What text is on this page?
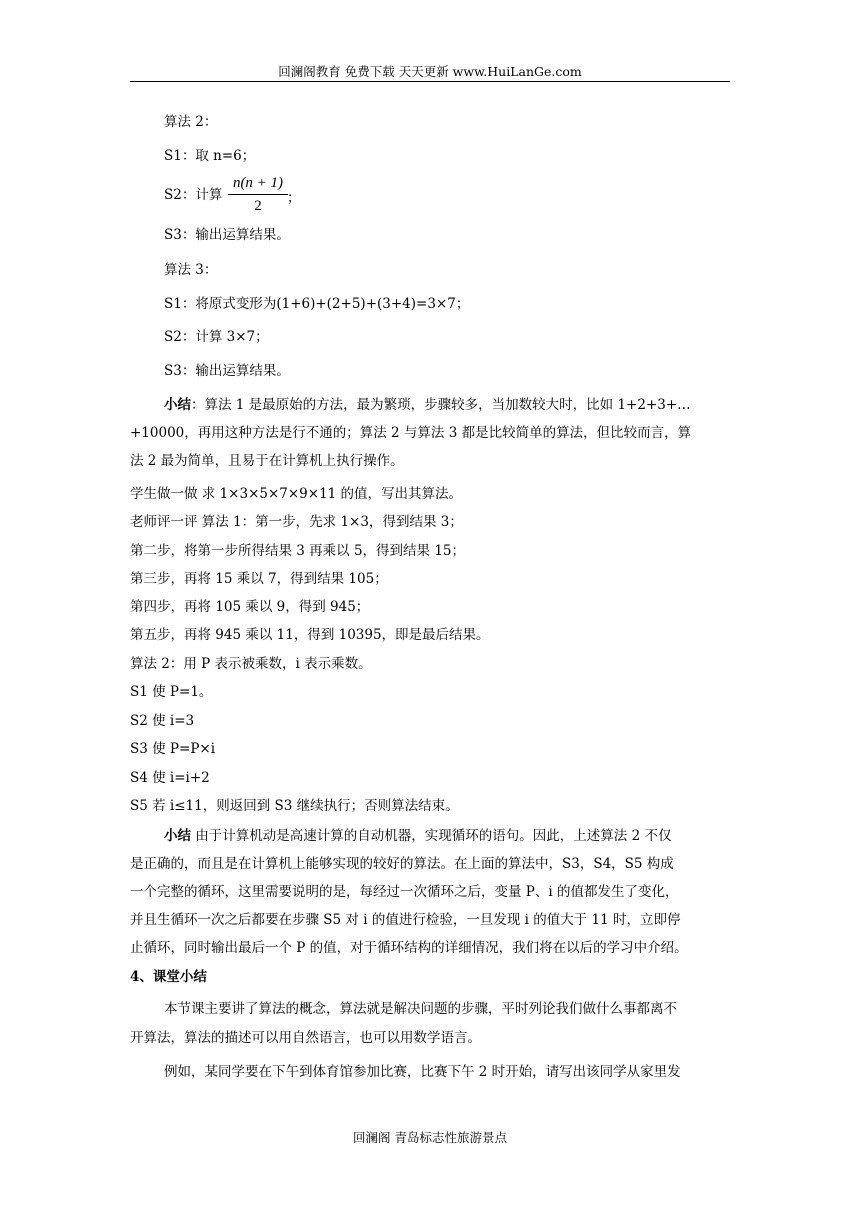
回澜阁教育 免费下载 天天更新 www.HuiLanGe.com
算法 2：
S1：取 n=6；
S2：计算
n(n + 1)
2	；
S3：输出运算结果。
算法 3：
S1：将原式变形为(1+6)+(2+5)+(3+4)=3×7；
S2：计算 3×7；
S3：输出运算结果。
小结：算法 1 是最原始的方法，最为繁琐，步骤较多，当加数较大时，比如 1+2+3+…
+10000，再用这种方法是行不通的；算法 2 与算法 3 都是比较简单的算法，但比较而言，算
法 2 最为简单，且易于在计算机上执行操作。
学生做一做 求 1×3×5×7×9×11 的值，写出其算法。
老师评一评 算法 1：第一步，先求 1×3，得到结果 3；
第二步，将第一步所得结果 3 再乘以 5，得到结果 15；
第三步，再将 15 乘以 7，得到结果 105；
第四步，再将 105 乘以 9，得到 945；
第五步，再将 945 乘以 11，得到 10395，即是最后结果。
算法 2：用 P 表示被乘数，i 表示乘数。
S1 使 P=1。
S2 使 i=3
S3 使 P=P×i
S4 使 i=i+2
S5 若 i≤11，则返回到 S3 继续执行；否则算法结束。
小结 由于计算机动是高速计算的自动机器，实现循环的语句。因此，上述算法 2 不仅
是正确的，而且是在计算机上能够实现的较好的算法。在上面的算法中，S3，S4，S5 构成
一个完整的循环，这里需要说明的是，每经过一次循环之后，变量 P、i 的值都发生了变化，
并且生循环一次之后都要在步骤 S5 对 i 的值进行检验，一旦发现 i 的值大于 11 时，立即停
止循环，同时输出最后一个 P 的值，对于循环结构的详细情况，我们将在以后的学习中介绍。
4、课堂小结
本节课主要讲了算法的概念，算法就是解决问题的步骤，平时列论我们做什么事都离不
开算法，算法的描述可以用自然语言，也可以用数学语言。
例如，某同学要在下午到体育馆参加比赛，比赛下午 2 时开始，请写出该同学从家里发
回澜阁 青岛标志性旅游景点
